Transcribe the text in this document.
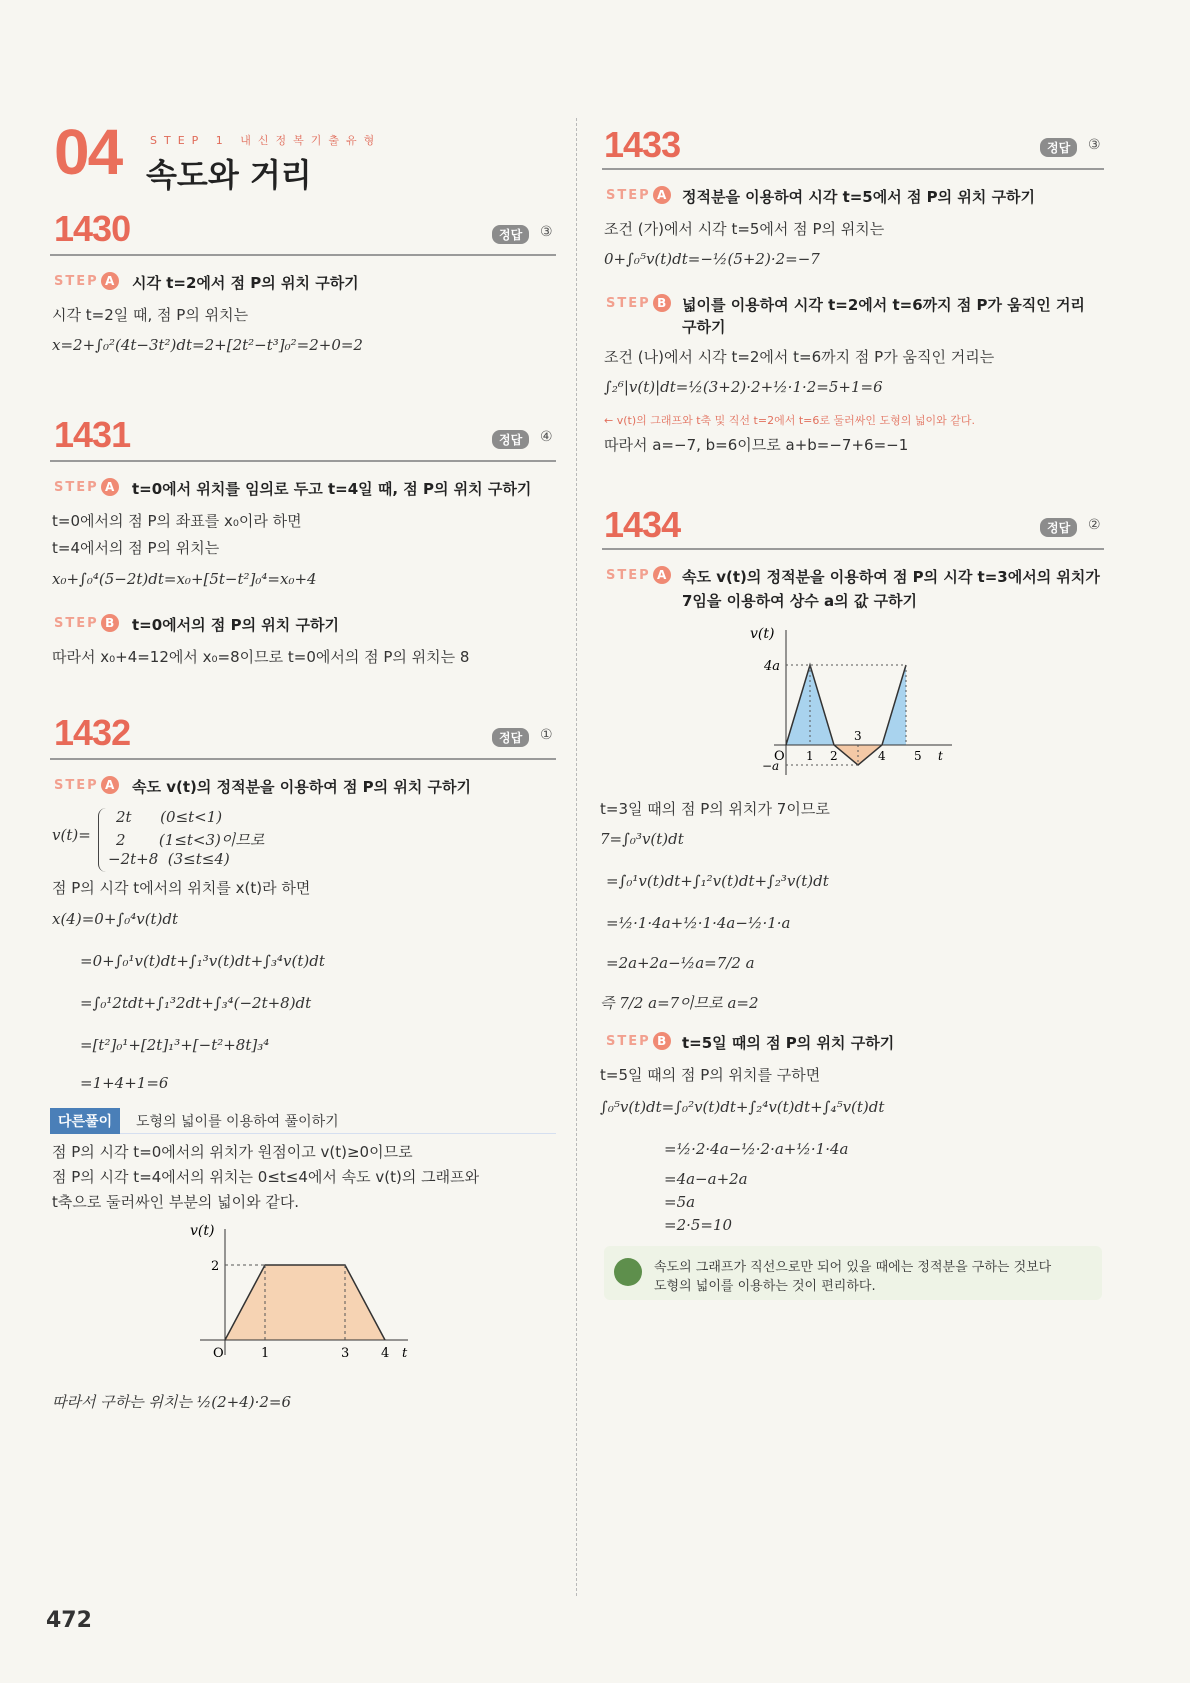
04	STEP 1 내신정복기출유형
속도와 거리
1430	정답	③
STEP A 시각 t=2에서 점 P의 위치 구하기
시각 t=2일 때, 점 P의 위치는
x=2+∫₀²(4t−3t²)dt=2+[2t²−t³]₀²=2+0=2
1431	정답	④
STEP A t=0에서 위치를 임의로 두고 t=4일 때, 점 P의 위치 구하기
t=0에서의 점 P의 좌표를 x₀이라 하면
t=4에서의 점 P의 위치는
x₀+∫₀⁴(5−2t)dt=x₀+[5t−t²]₀⁴=x₀+4
STEP B t=0에서의 점 P의 위치 구하기
따라서 x₀+4=12에서 x₀=8이므로 t=0에서의 점 P의 위치는 8
1432	정답	①
STEP A 속도 v(t)의 정적분을 이용하여 점 P의 위치 구하기
v(t)=
2t      (0≤t<1)
2       (1≤t<3)이므로
−2t+8  (3≤t≤4)
점 P의 시각 t에서의 위치를 x(t)라 하면
x(4)=0+∫₀⁴v(t)dt
=0+∫₀¹v(t)dt+∫₁³v(t)dt+∫₃⁴v(t)dt
=∫₀¹2tdt+∫₁³2dt+∫₃⁴(−2t+8)dt
=[t²]₀¹+[2t]₁³+[−t²+8t]₃⁴
=1+4+1=6
다른풀이	도형의 넓이를 이용하여 풀이하기
점 P의 시각 t=0에서의 위치가 원점이고 v(t)≥0이므로
점 P의 시각 t=4에서의 위치는 0≤t≤4에서 속도 v(t)의 그래프와
t축으로 둘러싸인 부분의 넓이와 같다.
v(t)
2
O	1	3 4 t
따라서 구하는 위치는 ½(2+4)·2=6
1433	정답	③
STEP A 정적분을 이용하여 시각 t=5에서 점 P의 위치 구하기
조건 (가)에서 시각 t=5에서 점 P의 위치는
0+∫₀⁵v(t)dt=−½(5+2)·2=−7
STEP B 넓이를 이용하여 시각 t=2에서 t=6까지 점 P가 움직인 거리
구하기
조건 (나)에서 시각 t=2에서 t=6까지 점 P가 움직인 거리는
∫₂⁶|v(t)|dt=½(3+2)·2+½·1·2=5+1=6
← v(t)의 그래프와 t축 및 직선 t=2에서 t=6로 둘러싸인 도형의 넓이와 같다.
따라서 a=−7, b=6이므로 a+b=−7+6=−1
1434	정답	②
STEP A 속도 v(t)의 정적분을 이용하여 점 P의 시각 t=3에서의 위치가
7임을 이용하여 상수 a의 값 구하기
v(t)
4a
−a
O 1 2
3
4 5 t
t=3일 때의 점 P의 위치가 7이므로
7=∫₀³v(t)dt
=∫₀¹v(t)dt+∫₁²v(t)dt+∫₂³v(t)dt
=½·1·4a+½·1·4a−½·1·a
=2a+2a−½a=7/2 a
즉 7/2 a=7이므로 a=2
STEP B t=5일 때의 점 P의 위치 구하기
t=5일 때의 점 P의 위치를 구하면
∫₀⁵v(t)dt=∫₀²v(t)dt+∫₂⁴v(t)dt+∫₄⁵v(t)dt
=½·2·4a−½·2·a+½·1·4a
=4a−a+2a
=5a
=2·5=10
속도의 그래프가 직선으로만 되어 있을 때에는 정적분을 구하는 것보다
도형의 넓이를 이용하는 것이 편리하다.
472
